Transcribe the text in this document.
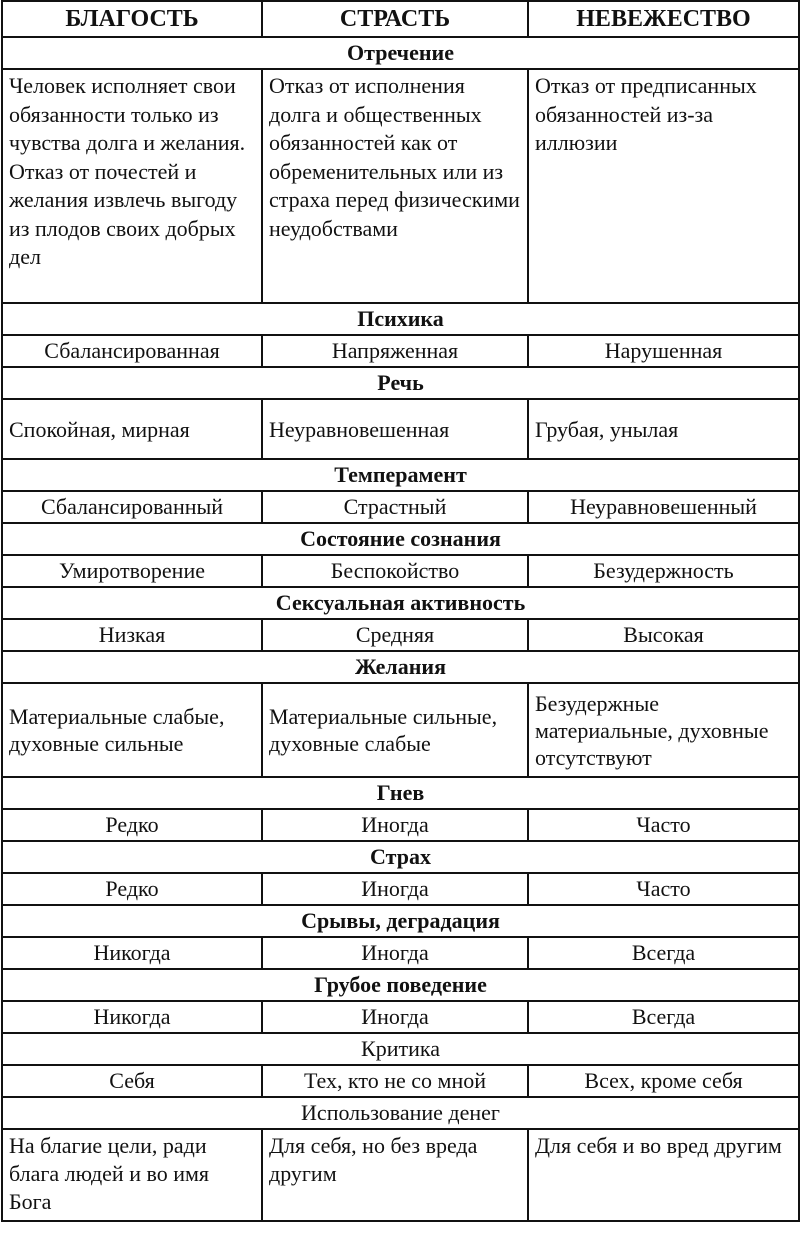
БЛАГОСТЬ	СТРАСТЬ	НЕВЕЖЕСТВО
Отречение		
Человек исполняет свои обязанности только из чувства долга и желания. Отказ от почестей и желания извлечь выгоду из плодов своих добрых дел	Отказ от исполнения долга и общественных обязанностей как от обременительных или из страха перед физическими неудобствами	Отказ от предписанных обязанностей из-за иллюзии
Психика		
Сбалансированная	Напряженная	Нарушенная
Речь		
Спокойная, мирная	Неуравновешенная	Грубая, унылая
Темперамент		
Сбалансированный	Страстный	Неуравновешенный
Состояние сознания		
Умиротворение	Беспокойство	Безудержность
Сексуальная активность		
Низкая	Средняя	Высокая
Желания		
Материальные слабые, духовные сильные	Материальные сильные, духовные слабые	Безудержные материальные, духовные отсутствуют
Гнев		
Редко	Иногда	Часто
Страх		
Редко	Иногда	Часто
Срывы, деградация		
Никогда	Иногда	Всегда
Грубое поведение		
Никогда	Иногда	Всегда
Критика		
Себя	Тех, кто не со мной	Всех, кроме себя
Использование денег		
На благие цели, ради блага людей и во имя Бога	Для себя, но без вреда другим	Для себя и во вред другим
